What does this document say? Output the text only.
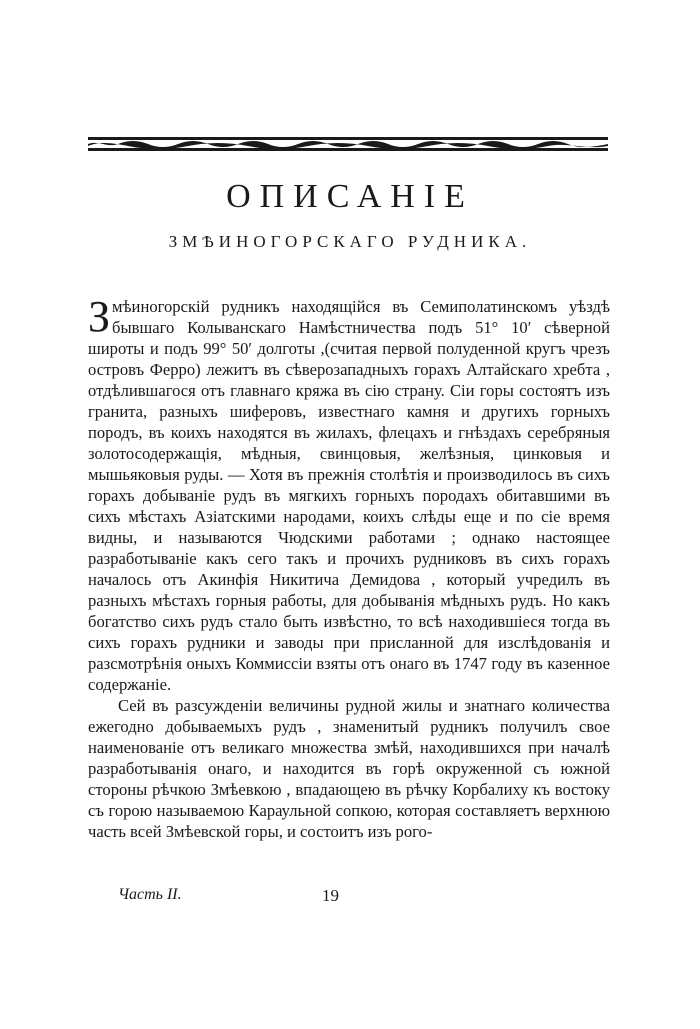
ОПИСАНІЕ
ЗМѢИНОГОРСКАГО РУДНИКА.

Змѣиногорскій рудникъ находящійся въ Семиполатинскомъ уѣздѣ бывшаго Колыванскаго Намѣстничества подъ 51° 10′ сѣверной широты и подъ 99° 50′ долготы ,(считая первой полуденной кругъ чрезъ островъ Ферро) лежитъ въ сѣверозападныхъ горахъ Алтайскаго хребта , отдѣлившагося отъ главнаго кряжа въ сію страну. Сіи горы состоятъ изъ гранита, разныхъ шиферовъ, известнаго камня и другихъ горныхъ породъ, въ коихъ находятся въ жилахъ, флецахъ и гнѣздахъ серебряныя золотосодержащія, мѣдныя, свинцовыя, желѣзныя, цинковыя и мышьяковыя руды. — Хотя въ прежнія столѣтія и производилось въ сихъ горахъ добываніе рудъ въ мягкихъ горныхъ породахъ обитавшими въ сихъ мѣстахъ Азіатскими народами, коихъ слѣды еще и по сіе время видны, и называются Чюдскими работами ; однако настоящее разработываніе какъ сего такъ и прочихъ рудниковъ въ сихъ горахъ началось отъ Акинфія Никитича Демидова , который учредилъ въ разныхъ мѣстахъ горныя работы, для добыванія мѣдныхъ рудъ. Но какъ богатство сихъ рудъ стало быть извѣстно, то всѣ находившіеся тогда въ сихъ горахъ рудники и заводы при присланной для изслѣдованія и разсмотрѣнія оныхъ Коммиссіи взяты отъ онаго въ 1747 году въ казенное содержаніе.

Сей въ разсужденіи величины рудной жилы и знатнаго количества ежегодно добываемыхъ рудъ , знаменитый рудникъ получилъ свое наименованіе отъ великаго множества змѣй, находившихся при началѣ разработыванія онаго, и находится въ горѣ окруженной съ южной стороны рѣчкою Змѣевкою , впадающею въ рѣчку Корбалиху къ востоку съ горою называемою Караульной сопкою, которая составляетъ верхнюю часть всей Змѣевской горы, и состоитъ изъ рого-

Часть II.	19
